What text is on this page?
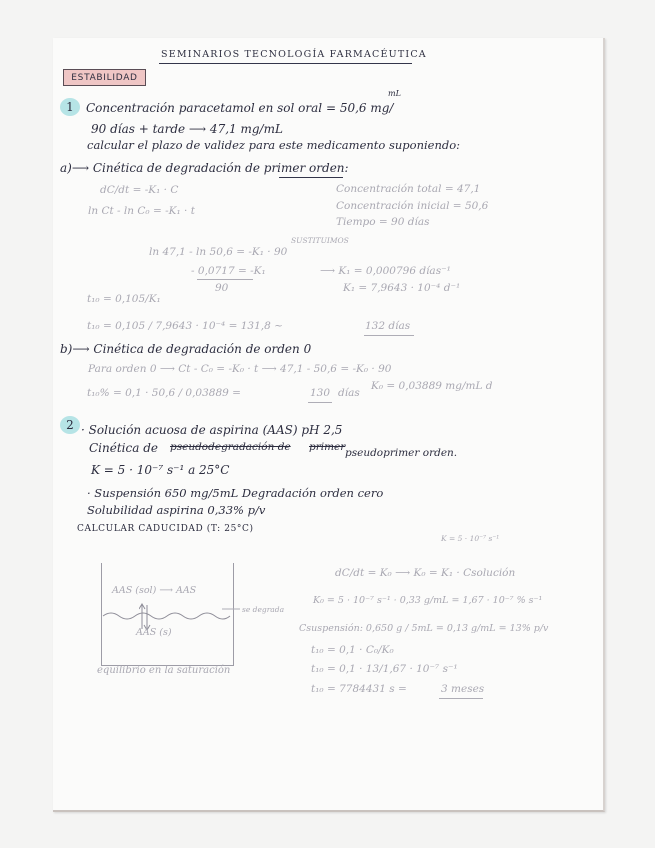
SEMINARIOS TECNOLOGÍA FARMACÉUTICA
ESTABILIDAD
1	Concentración paracetamol en sol oral = 50,6 mg/
mL
90 días + tarde ⟶ 47,1 mg/mL
calcular el plazo de validez para este medicamento suponiendo:
a)⟶ Cinética de degradación de primer orden:
dC/dt = -K₁ · C
ln Ct - ln C₀ = -K₁ · t
Concentración total = 47,1
Concentración inicial = 50,6
Tiempo = 90 días
SUSTITUIMOS
ln 47,1 - ln 50,6 = -K₁ · 90
- 0,0717 = -K₁
90
⟶ K₁ = 0,000796 días⁻¹
K₁ = 7,9643 · 10⁻⁴ d⁻¹
t₁₀ = 0,105/K₁
t₁₀ = 0,105 / 7,9643 · 10⁻⁴ = 131,8 ~	132 días
b)⟶ Cinética de degradación de orden 0
Para orden 0 ⟶ Ct - C₀ = -K₀ · t ⟶ 47,1 - 50,6 = -K₀ · 90
K₀ = 0,03889 mg/mL d
t₁₀% = 0,1 · 50,6 / 0,03889 =	130 días
2 · Solución acuosa de aspirina (AAS) pH 2,5
Cinética de pseudodegradación de primer pseudoprimer orden.
K = 5 · 10⁻⁷ s⁻¹ a 25°C
· Suspensión 650 mg/5mL Degradación orden cero
Solubilidad aspirina 0,33% p/v
CALCULAR CADUCIDAD (T: 25°C)
K = 5 · 10⁻⁷ s⁻¹
AAS (sol) ⟶ AAS
AAS (s)
se degrada
equilibrio en la saturación
dC/dt = K₀ ⟶ K₀ = K₁ · Csolución
K₀ = 5 · 10⁻⁷ s⁻¹ · 0,33 g/mL = 1,67 · 10⁻⁷ % s⁻¹
Csuspensión: 0,650 g / 5mL = 0,13 g/mL = 13% p/v
t₁₀ = 0,1 · C₀/K₀
t₁₀ = 0,1 · 13/1,67 · 10⁻⁷ s⁻¹
t₁₀ = 7784431 s =	3 meses
